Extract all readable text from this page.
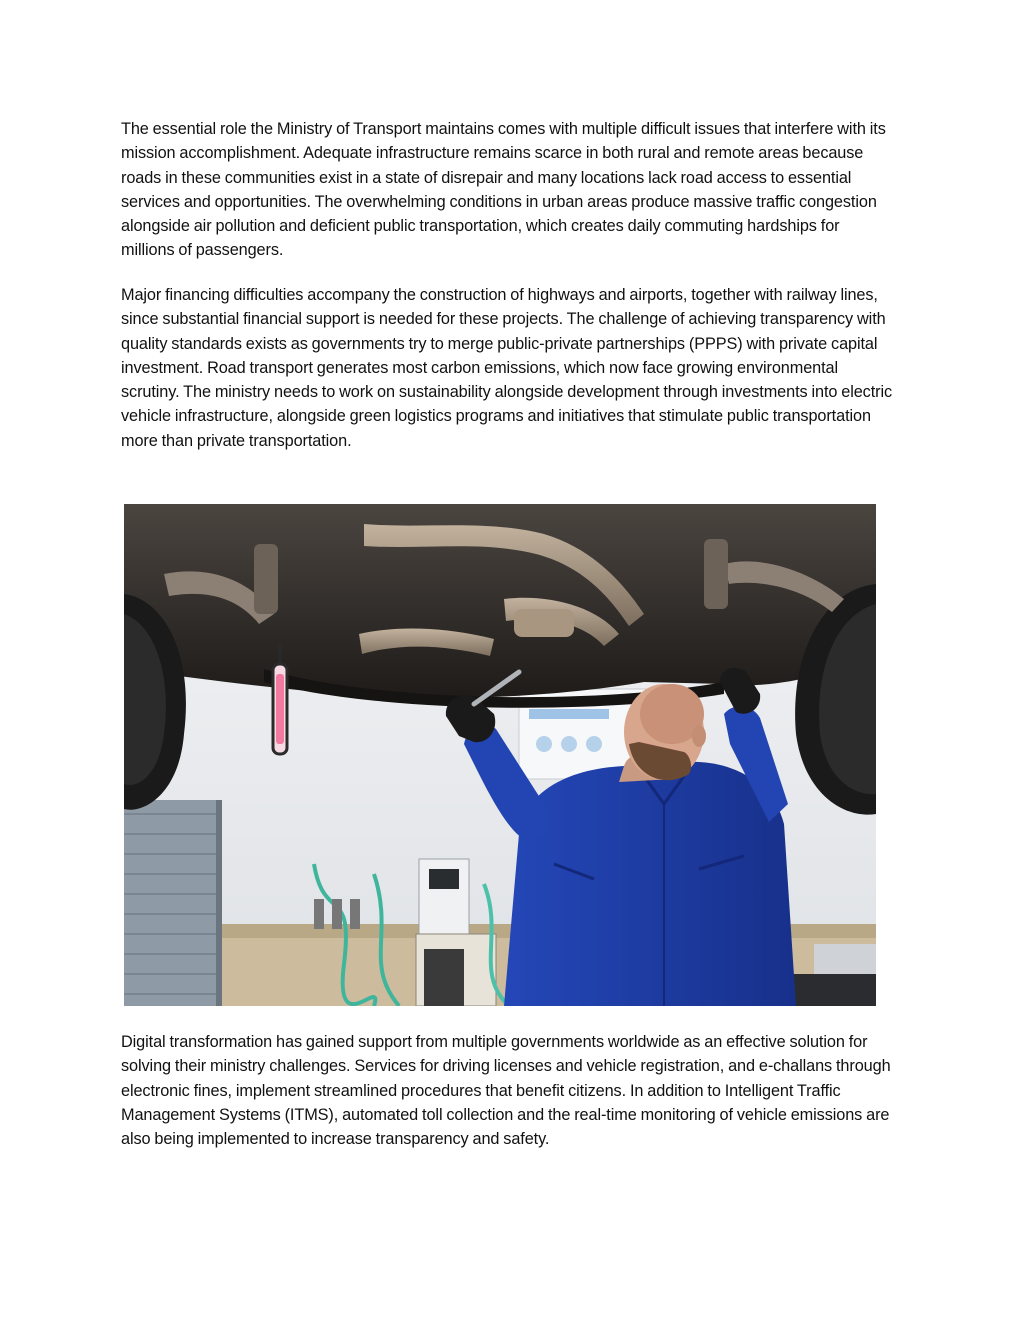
The essential role the Ministry of Transport maintains comes with multiple difficult issues that interfere with its mission accomplishment. Adequate infrastructure remains scarce in both rural and remote areas because roads in these communities exist in a state of disrepair and many locations lack road access to essential services and opportunities. The overwhelming conditions in urban areas produce massive traffic congestion alongside air pollution and deficient public transportation, which creates daily commuting hardships for millions of passengers.

Major financing difficulties accompany the construction of highways and airports, together with railway lines, since substantial financial support is needed for these projects. The challenge of achieving transparency with quality standards exists as governments try to merge public-private partnerships (PPPS) with private capital investment. Road transport generates most carbon emissions, which now face growing environmental scrutiny. The ministry needs to work on sustainability alongside development through investments into electric vehicle infrastructure, alongside green logistics programs and initiatives that stimulate public transportation more than private transportation.

Digital transformation has gained support from multiple governments worldwide as an effective solution for solving their ministry challenges. Services for driving licenses and vehicle registration, and e-challans through electronic fines, implement streamlined procedures that benefit citizens. In addition to Intelligent Traffic Management Systems (ITMS), automated toll collection and the real-time monitoring of vehicle emissions are also being implemented to increase transparency and safety.
